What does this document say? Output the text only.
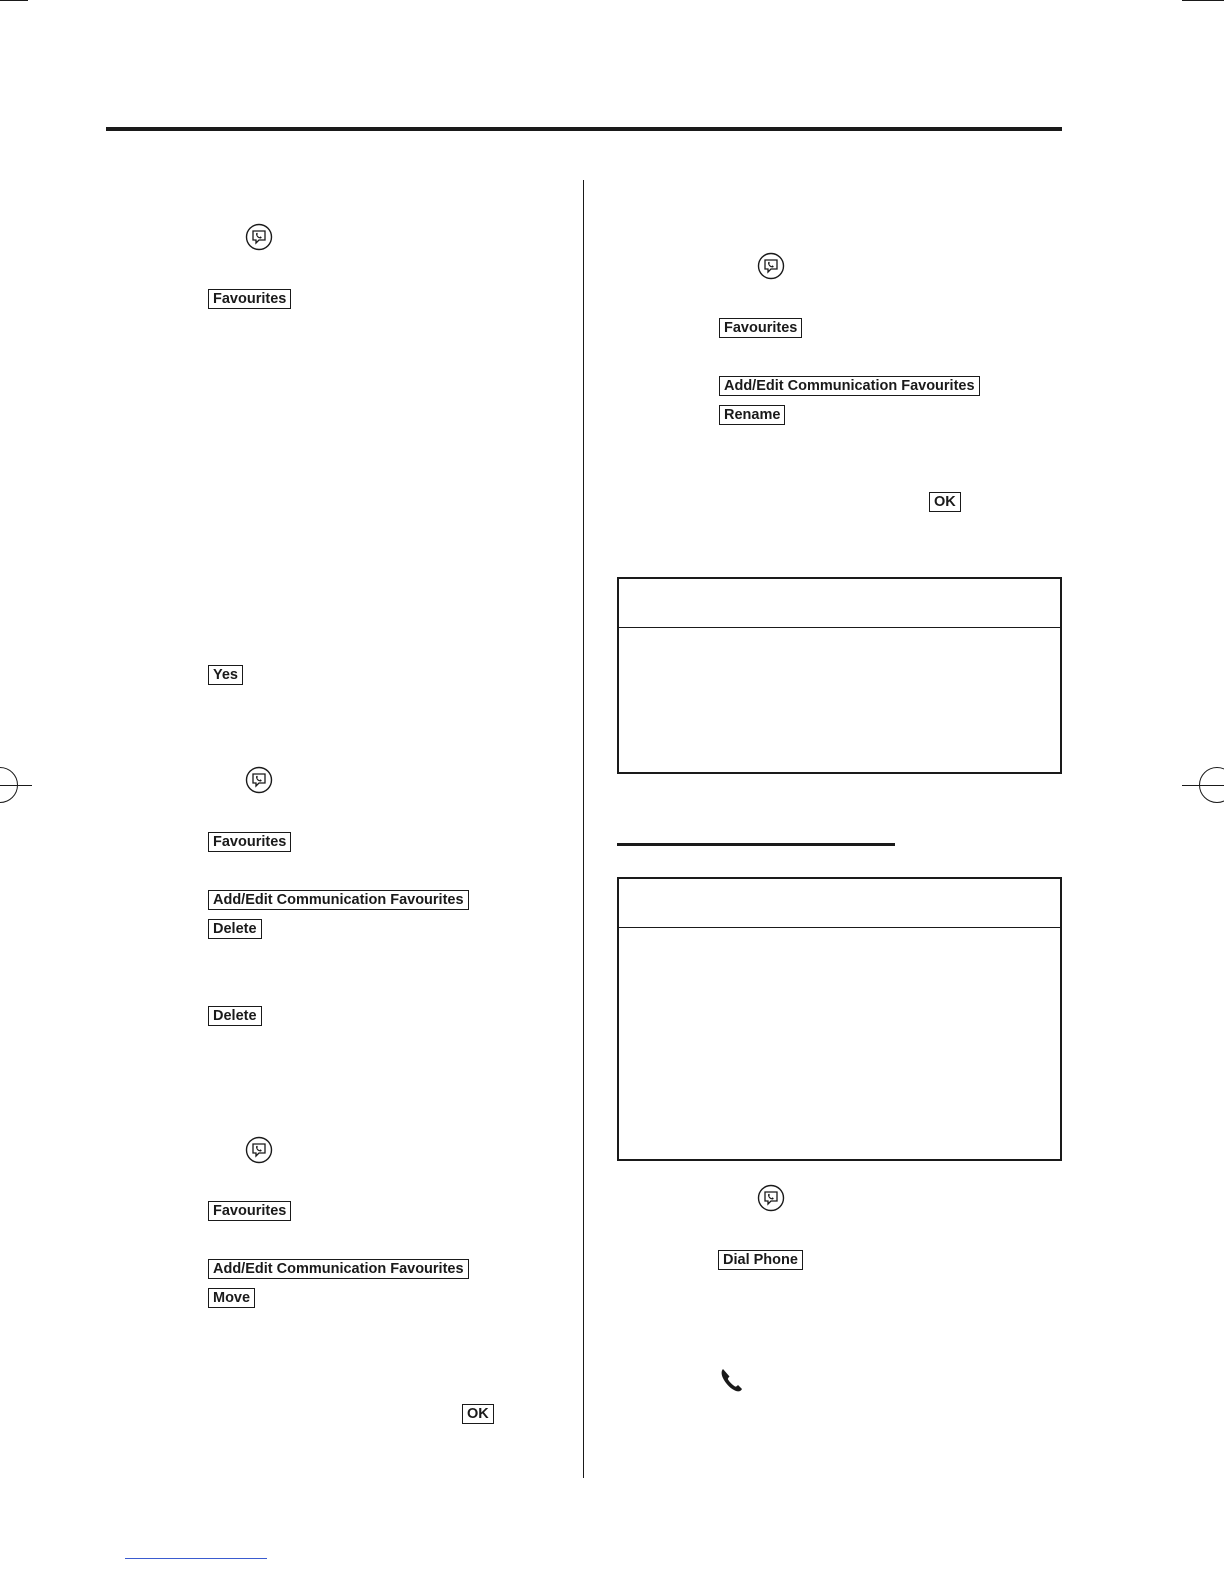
Favourites
Yes
Favourites
Add/Edit Communication Favourites
Delete
Delete
Favourites
Add/Edit Communication Favourites
Move
OK
Favourites
Add/Edit Communication Favourites
Rename
OK
Dial Phone
